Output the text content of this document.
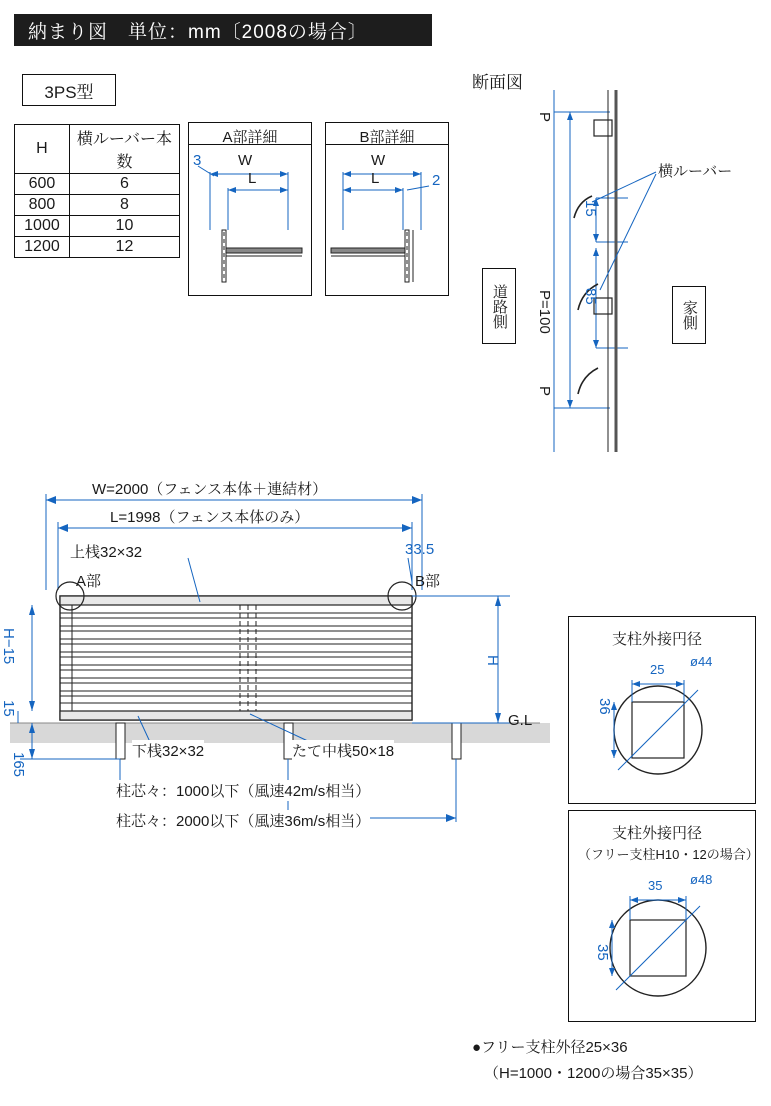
納まり図　単位：mm〔2008の場合〕
3PS型
H	横ルーバー本数
600	6
800	8
1000	10
1200	12
A部詳細
3 W
L
B部詳細
W
L	2
断面図
P
P=100
P
15
85
横ルーバー
道路側	家側
W=2000（フェンス本体＋連結材）
L=1998（フェンス本体のみ）
上桟32×32	33.5
A部	B部
H−15
15
H
G.L
165
下桟32×32	たて中桟50×18
柱芯々：1000以下（風速42m/s相当）
柱芯々：2000以下（風速36m/s相当）
支柱外接円径
25
ø44
36
支柱外接円径
（フリー支柱H10・12の場合）
35 ø48
35
●フリー支柱外径25×36
（H=1000・1200の場合35×35）
